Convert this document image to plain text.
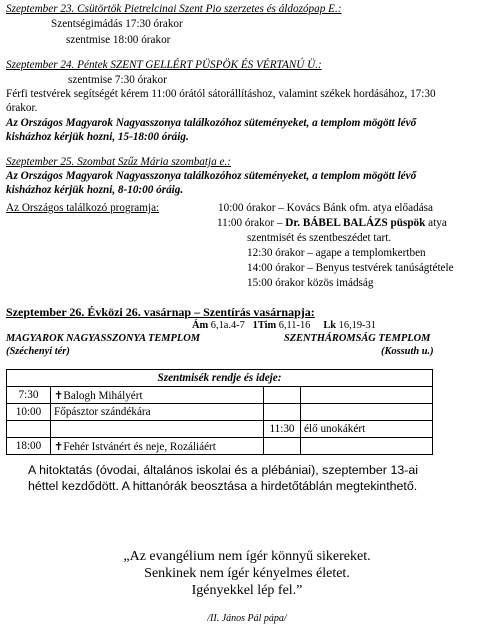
Szeptember 23. Csütörtök Pietrelcinai Szent Pio szerzetes és áldozópap E.:
Szentségimádás 17:30 órakor
szentmise 18:00 órakor
Szeptember 24. Péntek SZENT GELLÉRT PÜSPÖK ÉS VÉRTANÚ Ü.:
szentmise 7:30 órakor

Férfi testvérek segítségét kérem 11:00 órától sátorállításhoz, valamint székek hordásához, 17:30 órakor.

Az Országos Magyarok Nagyasszonya találkozóhoz süteményeket, a templom mögött lévő kisházhoz kérjük hozni, 15-18:00 óráig.

Szeptember 25. Szombat Szűz Mária szombatja e.:

Az Országos Magyarok Nagyasszonya találkozóhoz süteményeket, a templom mögött lévő kisházhoz kérjük hozni, 8-10:00 óráig.

Az Országos találkozó programja:	10:00 órakor – Kovács Bánk ofm. atya előadása
11:00 órakor – Dr. BÁBEL BALÁZS püspök atya
szentmisét és szentbeszédet tart.
12:30 órakor – agape a templomkertben
14:00 órakor – Benyus testvérek tanúságtétele
15:00 órakor közös imádság
Szeptember 26. Évközi 26. vasárnap – Szentírás vasárnapja:
Ám 6,1a.4-7 1Tim 6,11-16 Lk 16,19-31
MAGYAROK NAGYASSZONYA TEMPLOM	SZENTHÁROMSÁG TEMPLOM
(Széchenyi tér)	(Kossuth u.)
Szentmisék rendje és ideje:			
7:30	✝Balogh Mihályért		
10:00	Főpásztor szándékára		
		11:30	élő unokákért
18:00	✝Fehér Istvánért és neje, Rozáliáért		

A hitoktatás (óvodai, általános iskolai és a plébániai), szeptember 13-ai héttel kezdődött. A hittanórák beosztása a hirdetőtáblán megtekinthető.

„Az evangélium nem ígér könnyű sikereket.
Senkinek nem ígér kényelmes életet.
Igényekkel lép fel.”
/II. János Pál pápa/
